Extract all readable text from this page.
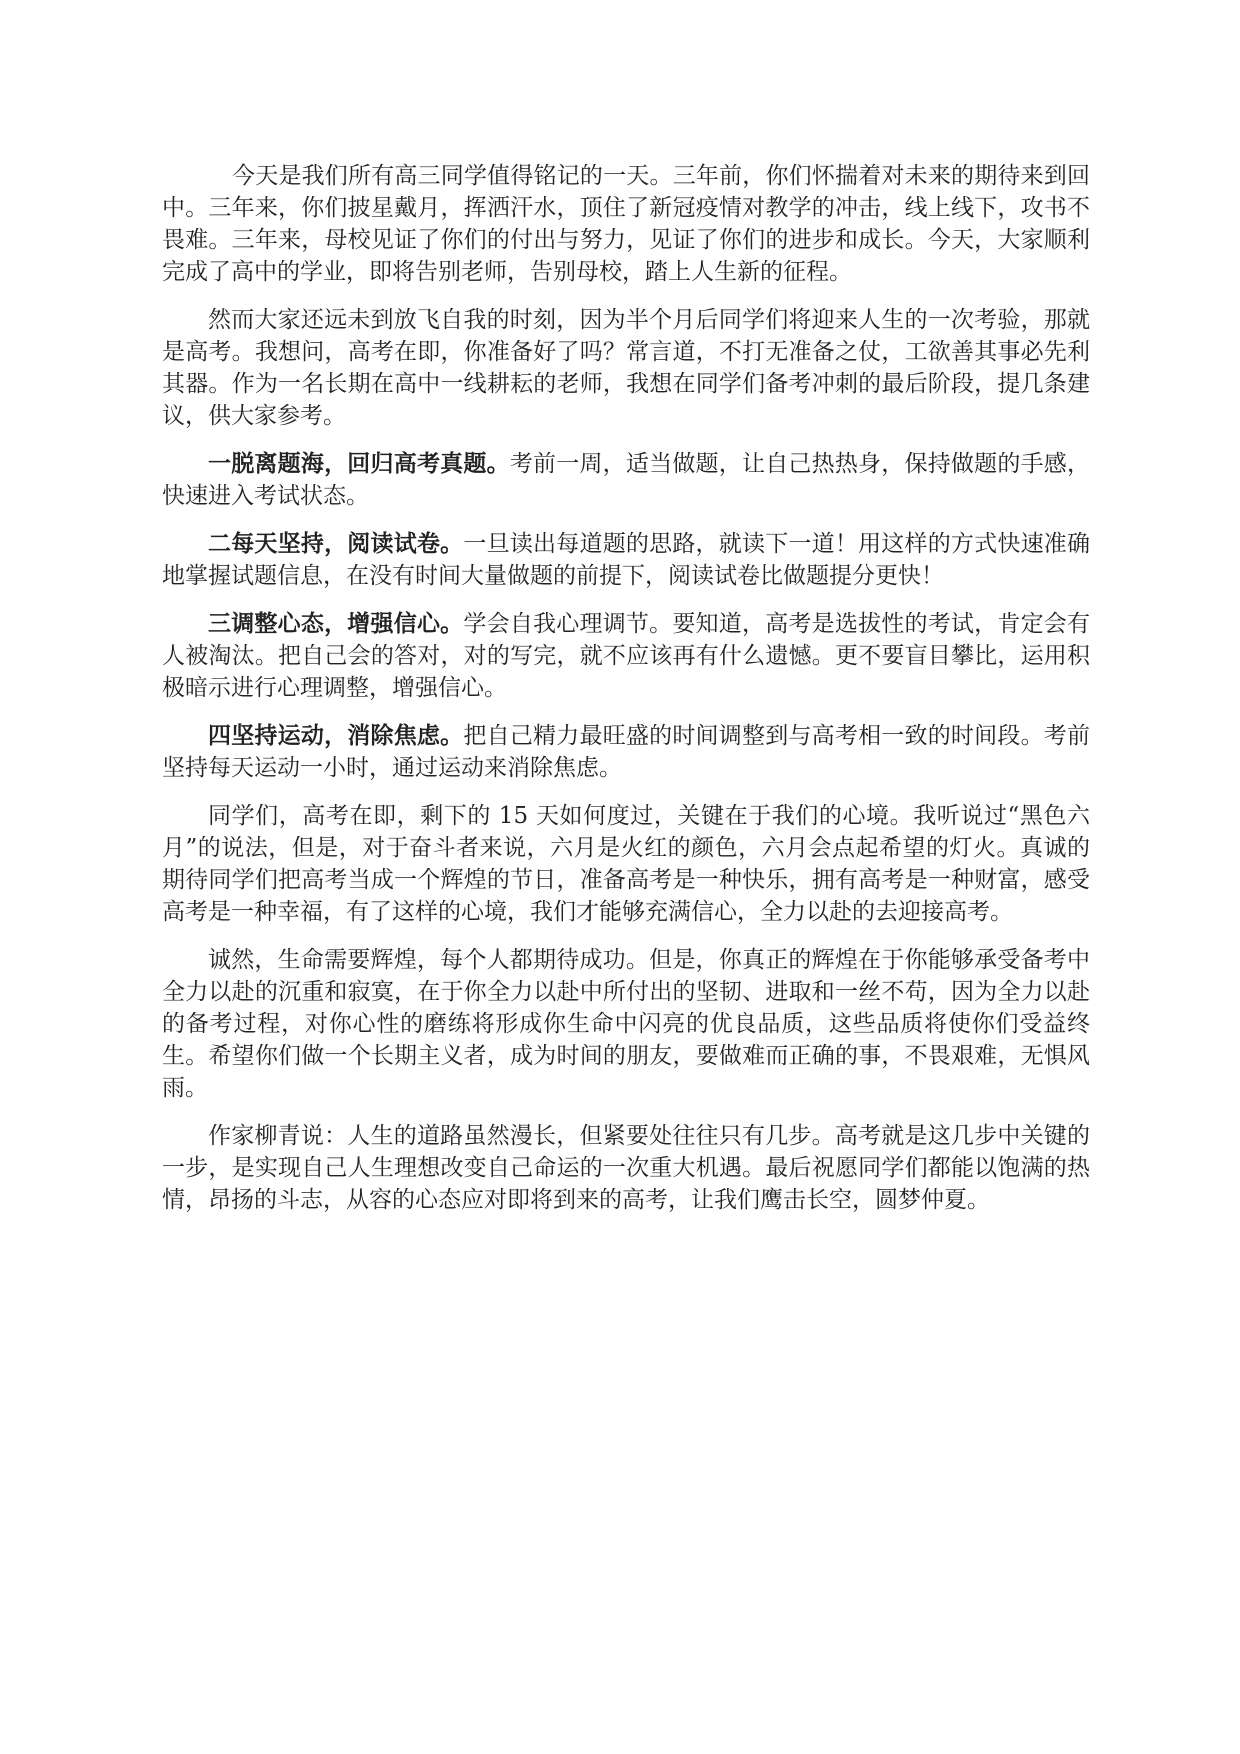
今天是我们所有高三同学值得铭记的一天。三年前，你们怀揣着对未来的期待来到回中。三年来，你们披星戴月，挥洒汗水，顶住了新冠疫情对教学的冲击，线上线下，攻书不畏难。三年来，母校见证了你们的付出与努力，见证了你们的进步和成长。今天，大家顺利完成了高中的学业，即将告别老师，告别母校，踏上人生新的征程。

然而大家还远未到放飞自我的时刻，因为半个月后同学们将迎来人生的一次考验，那就是高考。我想问，高考在即，你准备好了吗？常言道，不打无准备之仗，工欲善其事必先利其器。作为一名长期在高中一线耕耘的老师，我想在同学们备考冲刺的最后阶段，提几条建议，供大家参考。

一脱离题海，回归高考真题。考前一周，适当做题，让自己热热身，保持做题的手感，快速进入考试状态。

二每天坚持，阅读试卷。一旦读出每道题的思路，就读下一道！用这样的方式快速准确地掌握试题信息，在没有时间大量做题的前提下，阅读试卷比做题提分更快！

三调整心态，增强信心。学会自我心理调节。要知道，高考是选拔性的考试，肯定会有人被淘汰。把自己会的答对，对的写完，就不应该再有什么遗憾。更不要盲目攀比，运用积极暗示进行心理调整，增强信心。

四坚持运动，消除焦虑。把自己精力最旺盛的时间调整到与高考相一致的时间段。考前坚持每天运动一小时，通过运动来消除焦虑。

同学们，高考在即，剩下的 15 天如何度过，关键在于我们的心境。我听说过“黑色六月”的说法，但是，对于奋斗者来说，六月是火红的颜色，六月会点起希望的灯火。真诚的期待同学们把高考当成一个辉煌的节日，准备高考是一种快乐，拥有高考是一种财富，感受高考是一种幸福，有了这样的心境，我们才能够充满信心，全力以赴的去迎接高考。

诚然，生命需要辉煌，每个人都期待成功。但是，你真正的辉煌在于你能够承受备考中全力以赴的沉重和寂寞，在于你全力以赴中所付出的坚韧、进取和一丝不苟，因为全力以赴的备考过程，对你心性的磨练将形成你生命中闪亮的优良品质，这些品质将使你们受益终生。希望你们做一个长期主义者，成为时间的朋友，要做难而正确的事，不畏艰难，无惧风雨。

作家柳青说：人生的道路虽然漫长，但紧要处往往只有几步。高考就是这几步中关键的一步，是实现自己人生理想改变自己命运的一次重大机遇。最后祝愿同学们都能以饱满的热情，昂扬的斗志，从容的心态应对即将到来的高考，让我们鹰击长空，圆梦仲夏。
